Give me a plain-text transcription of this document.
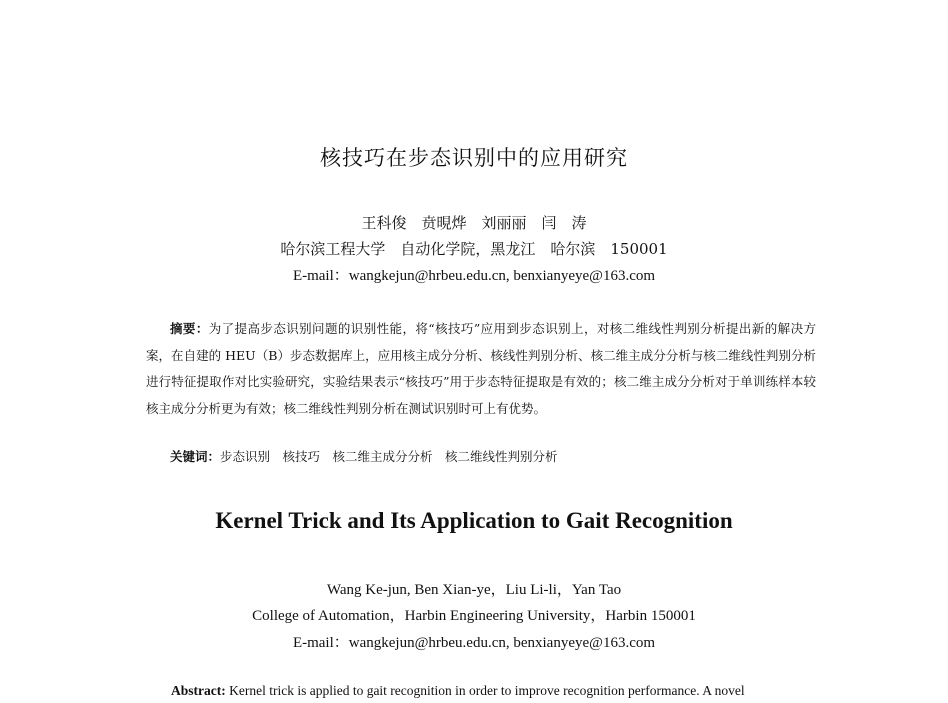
核技巧在步态识别中的应用研究
王科俊　贲晛烨　刘丽丽　闫　涛
哈尔滨工程大学　自动化学院，黑龙江　哈尔滨　150001
E-mail：wangkejun@hrbeu.edu.cn, benxianyeye@163.com
摘要：为了提高步态识别问题的识别性能，将“核技巧”应用到步态识别上，对核二维线性判别分析提出新的解决方案，在自建的 HEU（B）步态数据库上，应用核主成分分析、核线性判别分析、核二维主成分分析与核二维线性判别分析进行特征提取作对比实验研究，实验结果表示“核技巧”用于步态特征提取是有效的；核二维主成分分析对于单训练样本较核主成分分析更为有效；核二维线性判别分析在测试识别时可上有优势。
关键词：步态识别　核技巧　核二维主成分分析　核二维线性判别分析
Kernel Trick and Its Application to Gait Recognition
Wang Ke-jun, Ben Xian-ye，Liu Li-li，Yan Tao
College of Automation，Harbin Engineering University，Harbin 150001
E-mail：wangkejun@hrbeu.edu.cn, benxianyeye@163.com
Abstract: Kernel trick is applied to gait recognition in order to improve recognition performance. A novel
